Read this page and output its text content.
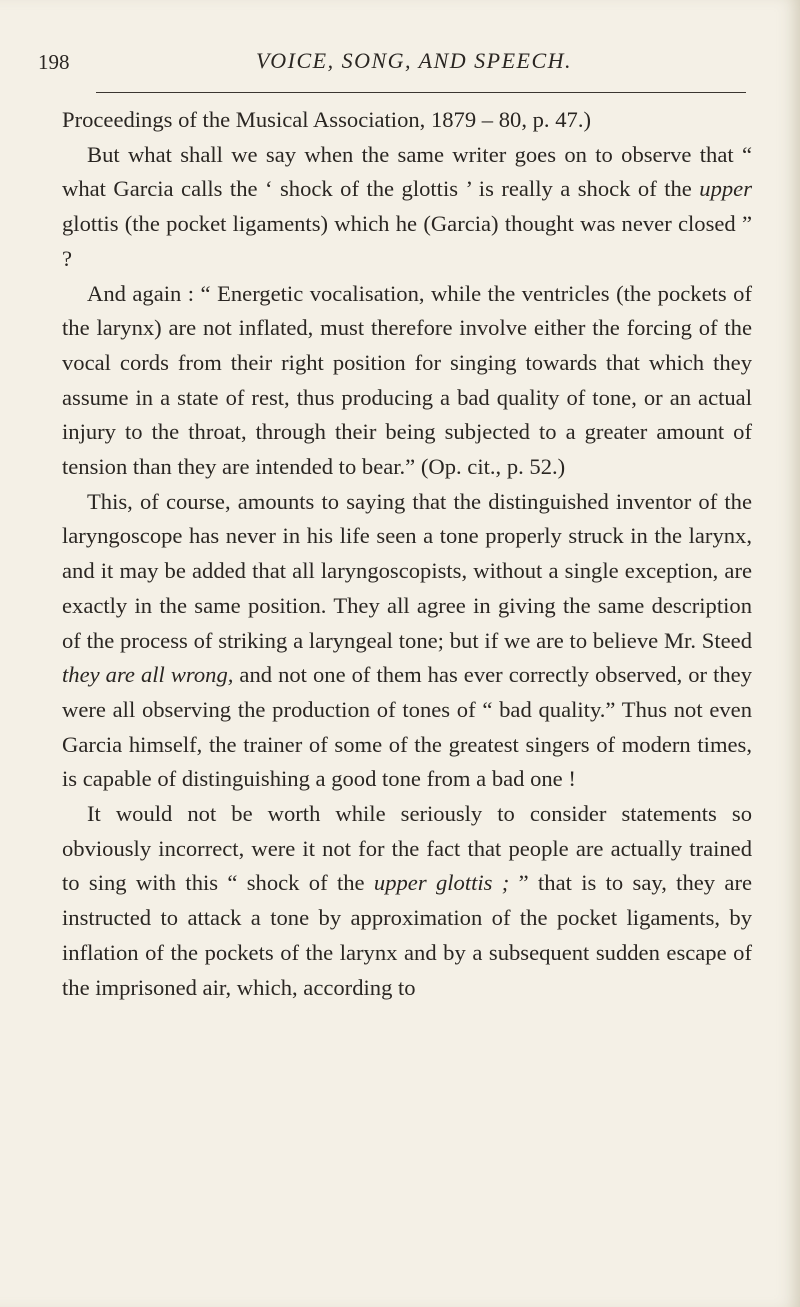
198	VOICE, SONG, AND SPEECH.

Proceedings of the Musical Association, 1879 – 80, p. 47.)

But what shall we say when the same writer goes on to observe that “ what Garcia calls the ‘ shock of the glottis ’ is really a shock of the upper glottis (the pocket ligaments) which he (Garcia) thought was never closed ” ?

And again : “ Energetic vocalisation, while the ventricles (the pockets of the larynx) are not inflated, must therefore involve either the forcing of the vocal cords from their right position for singing towards that which they assume in a state of rest, thus producing a bad quality of tone, or an actual injury to the throat, through their being subjected to a greater amount of tension than they are intended to bear.” (Op. cit., p. 52.)

This, of course, amounts to saying that the distinguished inventor of the laryngoscope has never in his life seen a tone properly struck in the larynx, and it may be added that all laryngoscopists, without a single exception, are exactly in the same position. They all agree in giving the same description of the process of striking a laryngeal tone; but if we are to believe Mr. Steed they are all wrong, and not one of them has ever correctly observed, or they were all observing the production of tones of “ bad quality.” Thus not even Garcia himself, the trainer of some of the greatest singers of modern times, is capable of distinguishing a good tone from a bad one !

It would not be worth while seriously to consider statements so obviously incorrect, were it not for the fact that people are actually trained to sing with this “ shock of the upper glottis ; ” that is to say, they are instructed to attack a tone by approximation of the pocket ligaments, by inflation of the pockets of the larynx and by a subsequent sudden escape of the imprisoned air, which, according to
